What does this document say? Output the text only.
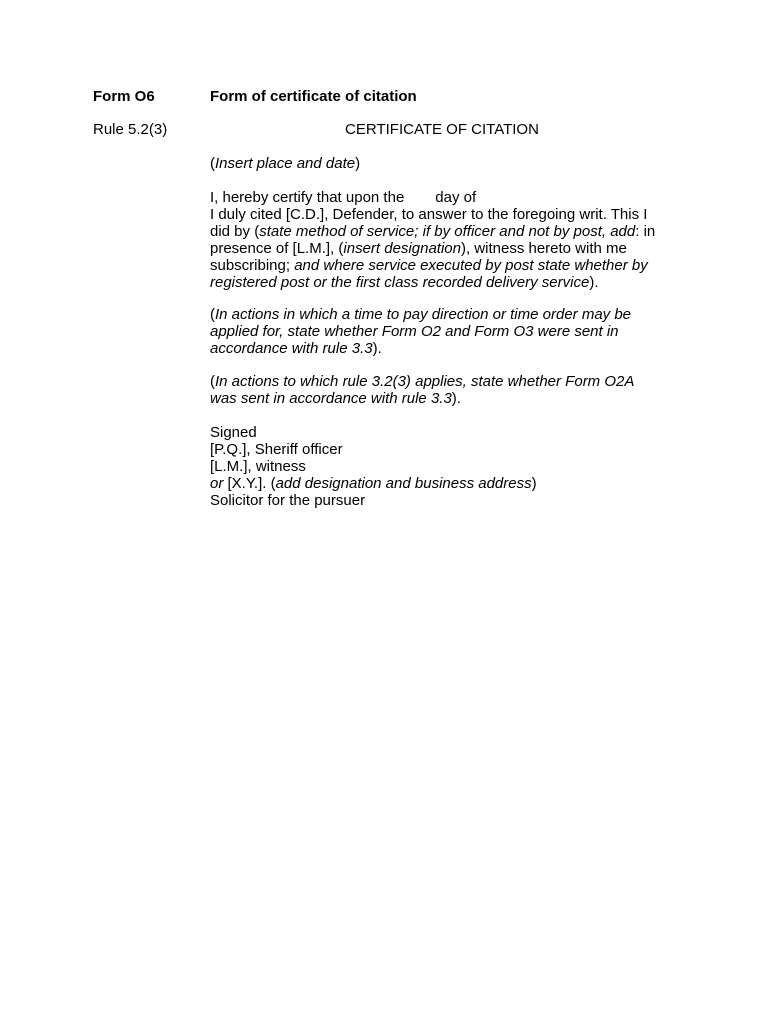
Form O6	Form of certificate of citation
Rule 5.2(3)	CERTIFICATE OF CITATION
(Insert place and date)
I, hereby certify that upon the day of
I duly cited [C.D.], Defender, to answer to the foregoing writ. This I
did by (state method of service; if by officer and not by post, add: in
presence of [L.M.], (insert designation), witness hereto with me
subscribing; and where service executed by post state whether by
registered post or the first class recorded delivery service).
(In actions in which a time to pay direction or time order may be
applied for, state whether Form O2 and Form O3 were sent in
accordance with rule 3.3).
(In actions to which rule 3.2(3) applies, state whether Form O2A
was sent in accordance with rule 3.3).
Signed
[P.Q.], Sheriff officer
[L.M.], witness
or [X.Y.]. (add designation and business address)
Solicitor for the pursuer
